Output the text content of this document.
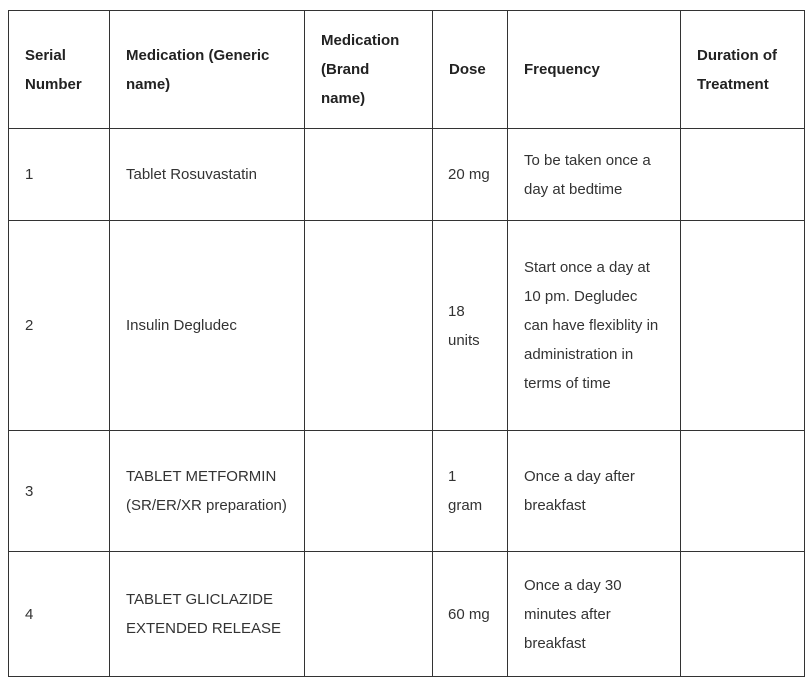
Serial Number	Medication (Generic name)	Medication (Brand name)	Dose	Frequency	Duration of Treatment
1	Tablet Rosuvastatin		20 mg	To be taken once a day at bedtime	
2	Insulin Degludec		18 units	Start once a day at 10 pm. Degludec can have flexiblity in administration in terms of time	
3	TABLET METFORMIN (SR/ER/XR preparation)		1 gram	Once a day after breakfast	
4	TABLET GLICLAZIDE EXTENDED RELEASE		60 mg	Once a day 30 minutes after breakfast	
